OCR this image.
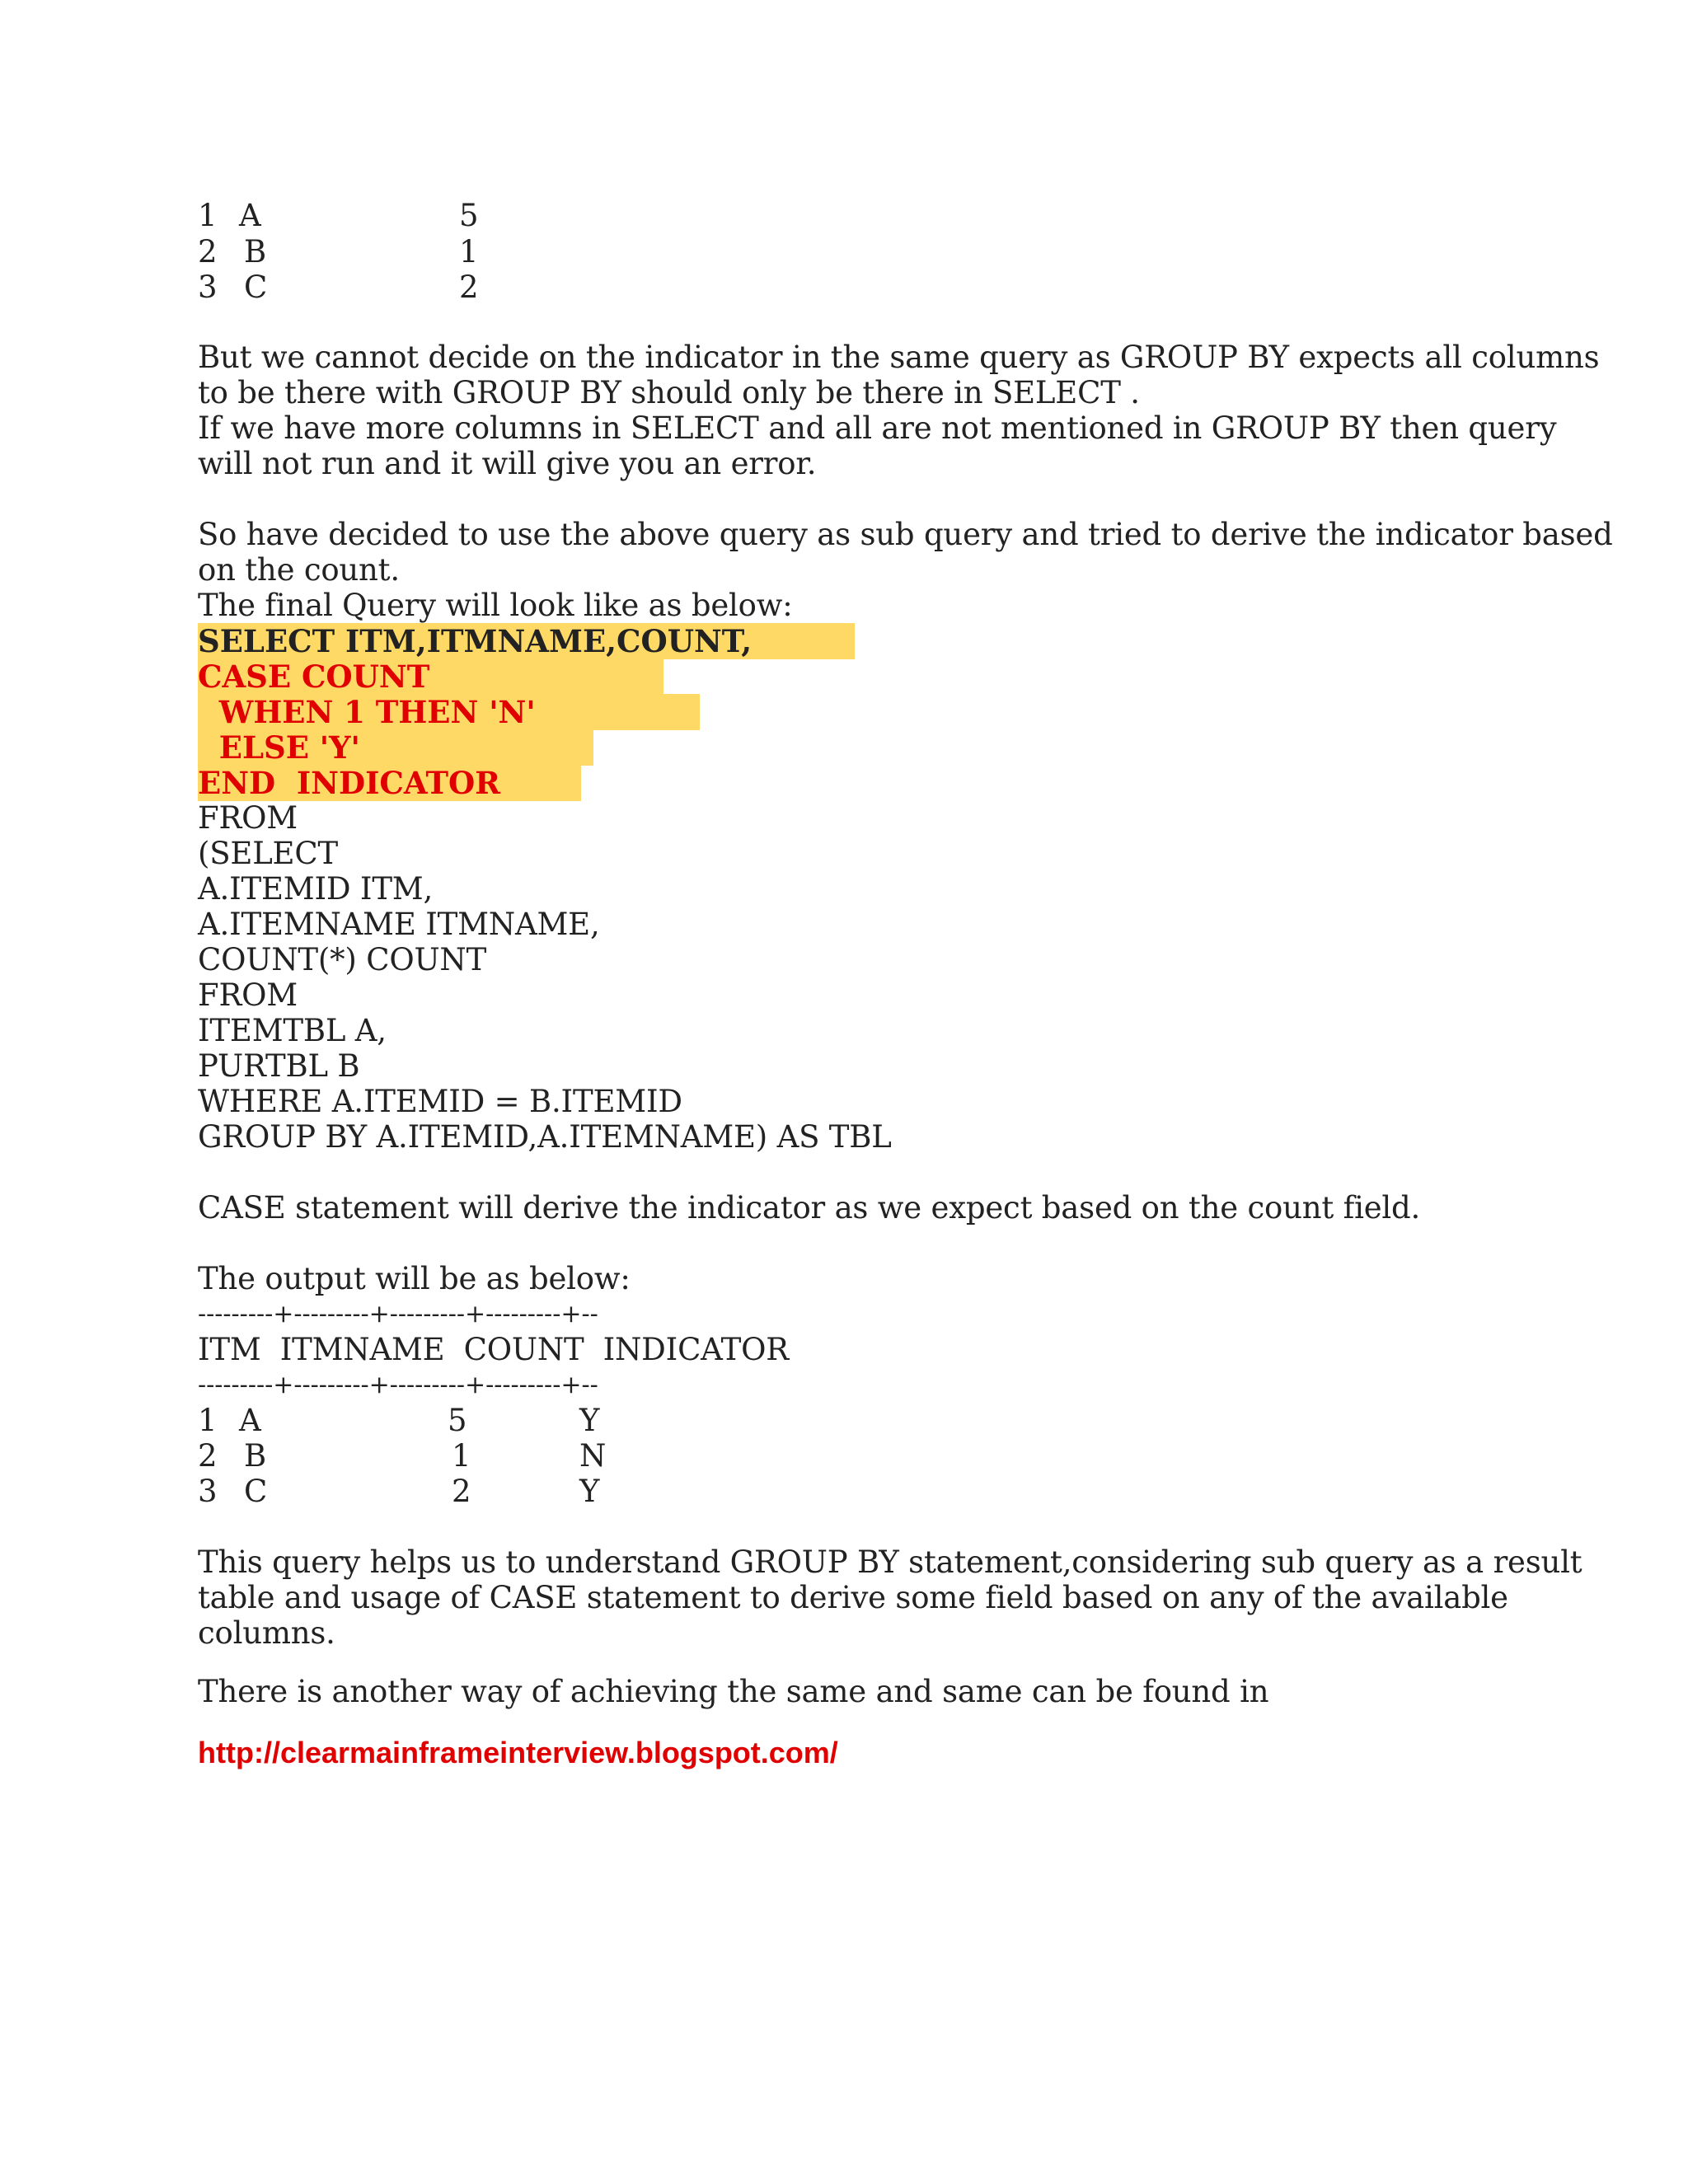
1 A	5
2 B	1
3 C	2
But we cannot decide on the indicator in the same query as GROUP BY expects all columns
to be there with GROUP BY should only be there in SELECT .
If we have more columns in SELECT and all are not mentioned in GROUP BY then query
will not run and it will give you an error.
So have decided to use the above query as sub query and tried to derive the indicator based
on the count.
The final Query will look like as below:
SELECT ITM,ITMNAME,COUNT,
CASE COUNT
WHEN 1 THEN 'N'
ELSE 'Y'
END  INDICATOR
FROM
(SELECT
A.ITEMID ITM,
A.ITEMNAME ITMNAME,
COUNT(*) COUNT
FROM
ITEMTBL A,
PURTBL B
WHERE A.ITEMID = B.ITEMID
GROUP BY A.ITEMID,A.ITEMNAME) AS TBL
CASE statement will derive the indicator as we expect based on the count field.
The output will be as below:
---------+---------+---------+---------+--
ITM  ITMNAME  COUNT  INDICATOR
---------+---------+---------+---------+--
1 A	5	Y
2 B	1	N
3 C	2	Y
This query helps us to understand GROUP BY statement,considering sub query as a result
table and usage of CASE statement to derive some field based on any of the available
columns.
There is another way of achieving the same and same can be found in
http://clearmainframeinterview.blogspot.com/
